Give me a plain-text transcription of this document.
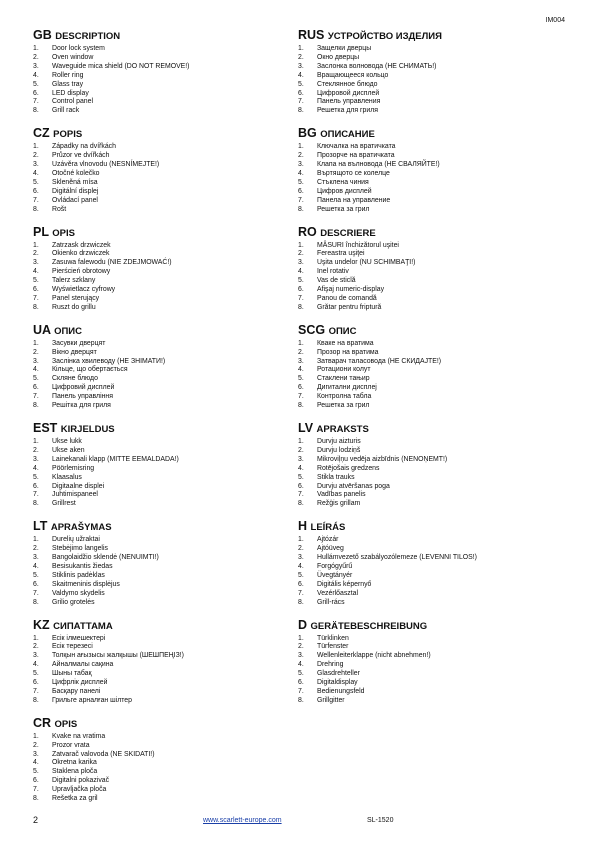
IM004
GB DESCRIPTION
1.	Door lock system
2.	Oven window
3.	Waveguide mica shield (DO NOT REMOVE!)
4.	Roller ring
5.	Glass tray
6.	LED display
7.	Control panel
8.	Grill rack
CZ POPIS
1.	Západky na dvířkách
2.	Průzor ve dvířkách
3.	Uzávěra vlnovodu (NESNÍMEJTE!)
4.	Otočné kolečko
5.	Skleněná mísa
6.	Digitální displej
7.	Ovládací panel
8.	Rošt
PL OPIS
1.	Zatrzask drzwiczek
2.	Okienko drzwiczek
3.	Zasuwa falewodu (NIE ZDEJMOWAĆ!)
4.	Pierścień obrotowy
5.	Talerz szklany
6.	Wyświetlacz cyfrowy
7.	Panel sterujący
8.	Ruszt do grillu
UA ОПИС
1.	Засувки дверцят
2.	Вікно дверцят
3.	Заслінка хвилеводу (НЕ ЗНІМАТИ!)
4.	Кільце, що обертається
5.	Скляне блюдо
6.	Цифровий дисплей
7.	Панель управління
8.	Решітка для гриля
EST KIRJELDUS
1.	Ukse lukk
2.	Ukse aken
3.	Lainekanali klapp (MITTE EEMALDADA!)
4.	Pöörlemisring
5.	Klaasalus
6.	Digitaalne displei
7.	Juhtimispaneel
8.	Grillrest
LT APRAŠYMAS
1.	Durelių užraktai
2.	Stebėjimo langelis
3.	Bangolaidžio sklendė (NENUIMTI!)
4.	Besisukantis žiedas
5.	Stiklinis padėklas
6.	Skaitmeninis displėjus
7.	Valdymo skydelis
8.	Grilio grotelės
KZ СИПАТТАМА
1.	Есік ілмешектері
2.	Есік терезесі
3.	Толқын ағызысы жалқышы (ШЕШПЕҢІЗ!)
4.	Айналмалы сақина
5.	Шыны табақ
6.	Цифрлік дисплей
7.	Басқару панелі
8.	Грильге арналған шілтер
CR OPIS
1.	Kvake na vratima
2.	Prozor vrata
3.	Zatvarač valovoda (NE SKIDATI!)
4.	Okretna karika
5.	Staklena ploča
6.	Digitalni pokazivač
7.	Upravljačka ploča
8.	Rešetka za gril
RUS УСТРОЙСТВО ИЗДЕЛИЯ
1.	Защелки дверцы
2.	Окно дверцы
3.	Заслонка волновода (НЕ СНИМАТЬ!)
4.	Вращающееся кольцо
5.	Стеклянное блюдо
6.	Цифровой дисплей
7.	Панель управления
8.	Решетка для гриля
BG ОПИСАНИЕ
1.	Ключалка на вратичката
2.	Прозорче на вратичката
3.	Клапа на вълновода (НЕ СВАЛЯЙТЕ!)
4.	Въртящото се колелце
5.	Стъклена чиния
6.	Цифров дисплей
7.	Панела на управление
8.	Решетка за грил
RO DESCRIERE
1.	MÂSURI închizătorul uşitei
2.	Fereastra uşiţei
3.	Uşita undelor (NU SCHIMBAŢI!)
4.	Inel rotativ
5.	Vas de sticlă
6.	Afişaj numeric-display
7.	Panou de comandă
8.	Grătar pentru friptură
SCG ОПИС
1.	Кваке на вратима
2.	Прозор на вратима
3.	Затварач таласовода (НЕ СКИДАЈТЕ!)
4.	Ротациони колут
5.	Стаклени тањир
6.	Дигитални дисплеј
7.	Контролна табла
8.	Решетка за грил
LV APRAKSTS
1.	Durvju aizturis
2.	Durvju lodziņš
3.	Mikroviļņu vedēja aizbīdnis (NENOŅEMT!)
4.	Rotējošais gredzens
5.	Stikla trauks
6.	Durvju atvēršanas poga
7.	Vadības panelis
8.	Režģis grillam
H LEÍRÁS
1.	Ajtózár
2.	Ajtóüveg
3.	Hullámvezető szabályozólemeze (LEVENNI TILOS!)
4.	Forgógyűrű
5.	Üvegtányér
6.	Digitális képernyő
7.	Vezérlőasztal
8.	Grill-rács
D GERÄTEBESCHREIBUNG
1.	Türklinken
2.	Türfenster
3.	Wellenleiterklappe (nicht abnehmen!)
4.	Drehring
5.	Glasdrehteller
6.	Digitaldisplay
7.	Bedienungsfeld
8.	Grillgitter
2	www.scarlett-europe.com	SL-1520
